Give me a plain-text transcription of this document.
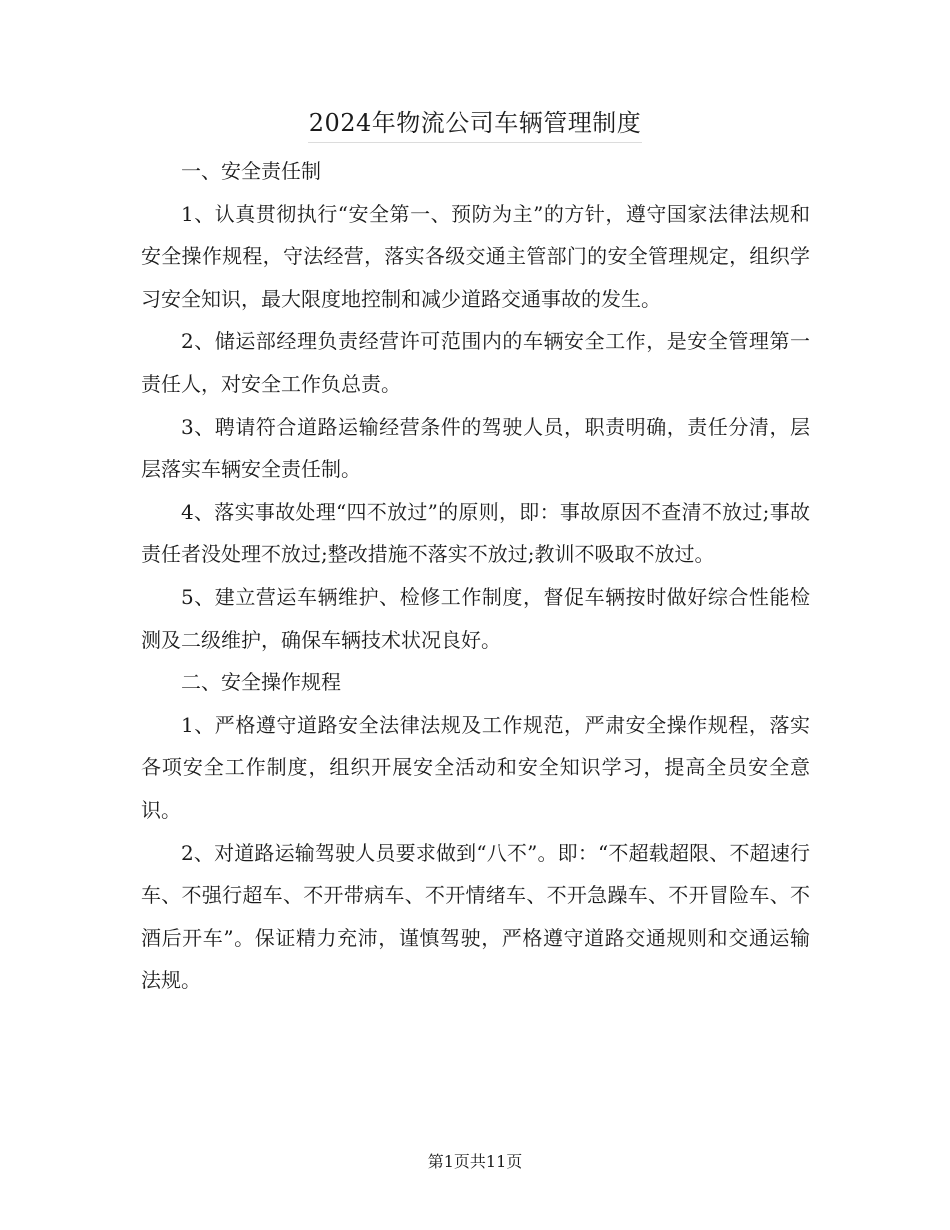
2024年物流公司车辆管理制度

一、安全责任制

1、认真贯彻执行“安全第一、预防为主”的方针，遵守国家法律法规和安全操作规程，守法经营，落实各级交通主管部门的安全管理规定，组织学习安全知识，最大限度地控制和减少道路交通事故的发生。

2、储运部经理负责经营许可范围内的车辆安全工作，是安全管理第一责任人，对安全工作负总责。

3、聘请符合道路运输经营条件的驾驶人员，职责明确，责任分清，层层落实车辆安全责任制。

4、落实事故处理“四不放过”的原则，即：事故原因不查清不放过;事故责任者没处理不放过;整改措施不落实不放过;教训不吸取不放过。

5、建立营运车辆维护、检修工作制度，督促车辆按时做好综合性能检测及二级维护，确保车辆技术状况良好。

二、安全操作规程

1、严格遵守道路安全法律法规及工作规范，严肃安全操作规程，落实各项安全工作制度，组织开展安全活动和安全知识学习，提高全员安全意识。

2、对道路运输驾驶人员要求做到“八不”。即：“不超载超限、不超速行车、不强行超车、不开带病车、不开情绪车、不开急躁车、不开冒险车、不酒后开车”。保证精力充沛，谨慎驾驶，严格遵守道路交通规则和交通运输法规。

第1页共11页
